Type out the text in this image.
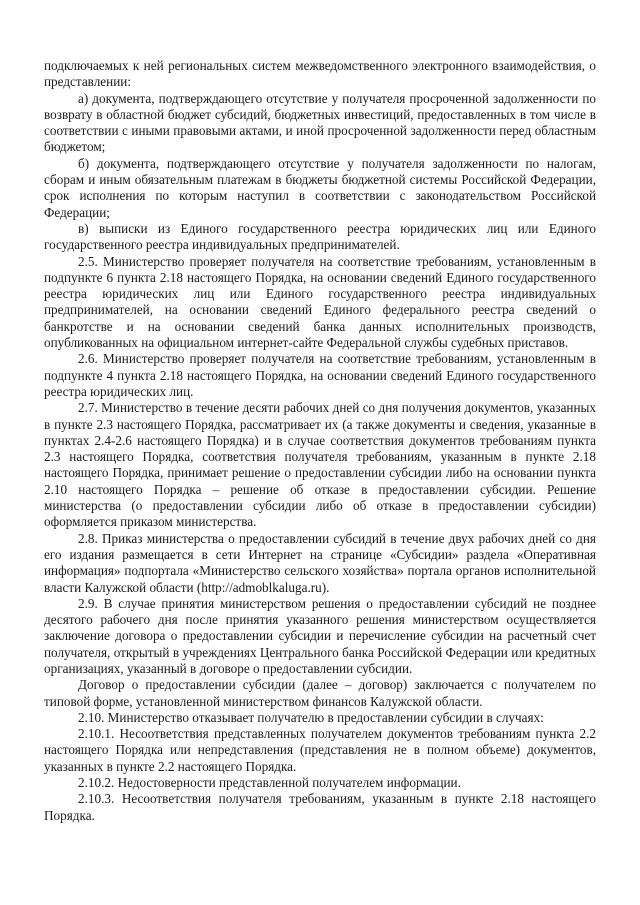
подключаемых к ней региональных систем межведомственного электронного взаимодействия, о представлении:

а) документа, подтверждающего отсутствие у получателя просроченной задолженности по возврату в областной бюджет субсидий, бюджетных инвестиций, предоставленных в том числе в соответствии с иными правовыми актами, и иной просроченной задолженности перед областным бюджетом;

б) документа, подтверждающего отсутствие у получателя задолженности по налогам, сборам и иным обязательным платежам в бюджеты бюджетной системы Российской Федерации, срок исполнения по которым наступил в соответствии с законодательством Российской Федерации;

в) выписки из Единого государственного реестра юридических лиц или Единого государственного реестра индивидуальных предпринимателей.

2.5. Министерство проверяет получателя на соответствие требованиям, установленным в подпункте 6 пункта 2.18 настоящего Порядка, на основании сведений Единого государственного реестра юридических лиц или Единого государственного реестра индивидуальных предпринимателей, на основании сведений Единого федерального реестра сведений о банкротстве и на основании сведений банка данных исполнительных производств, опубликованных на официальном интернет-сайте Федеральной службы судебных приставов.

2.6. Министерство проверяет получателя на соответствие требованиям, установленным в подпункте 4 пункта 2.18 настоящего Порядка, на основании сведений Единого государственного реестра юридических лиц.

2.7. Министерство в течение десяти рабочих дней со дня получения документов, указанных в пункте 2.3 настоящего Порядка, рассматривает их (а также документы и сведения, указанные в пунктах 2.4-2.6 настоящего Порядка) и в случае соответствия документов требованиям пункта 2.3 настоящего Порядка, соответствия получателя требованиям, указанным в пункте 2.18 настоящего Порядка, принимает решение о предоставлении субсидии либо на основании пункта 2.10 настоящего Порядка – решение об отказе в предоставлении субсидии. Решение министерства (о предоставлении субсидии либо об отказе в предоставлении субсидии) оформляется приказом министерства.

2.8. Приказ министерства о предоставлении субсидий в течение двух рабочих дней со дня его издания размещается в сети Интернет на странице «Субсидии» раздела «Оперативная информация» подпортала «Министерство сельского хозяйства» портала органов исполнительной власти Калужской области (http://admoblkaluga.ru).

2.9. В случае принятия министерством решения о предоставлении субсидий не позднее десятого рабочего дня после принятия указанного решения министерством осуществляется заключение договора о предоставлении субсидии и перечисление субсидии на расчетный счет получателя, открытый в учреждениях Центрального банка Российской Федерации или кредитных организациях, указанный в договоре о предоставлении субсидии.

Договор о предоставлении субсидии (далее – договор) заключается с получателем по типовой форме, установленной министерством финансов Калужской области.

2.10. Министерство отказывает получателю в предоставлении субсидии в случаях:

2.10.1. Несоответствия представленных получателем документов требованиям пункта 2.2 настоящего Порядка или непредставления (представления не в полном объеме) документов, указанных в пункте 2.2 настоящего Порядка.

2.10.2. Недостоверности представленной получателем информации.

2.10.3. Несоответствия получателя требованиям, указанным в пункте 2.18 настоящего Порядка.
